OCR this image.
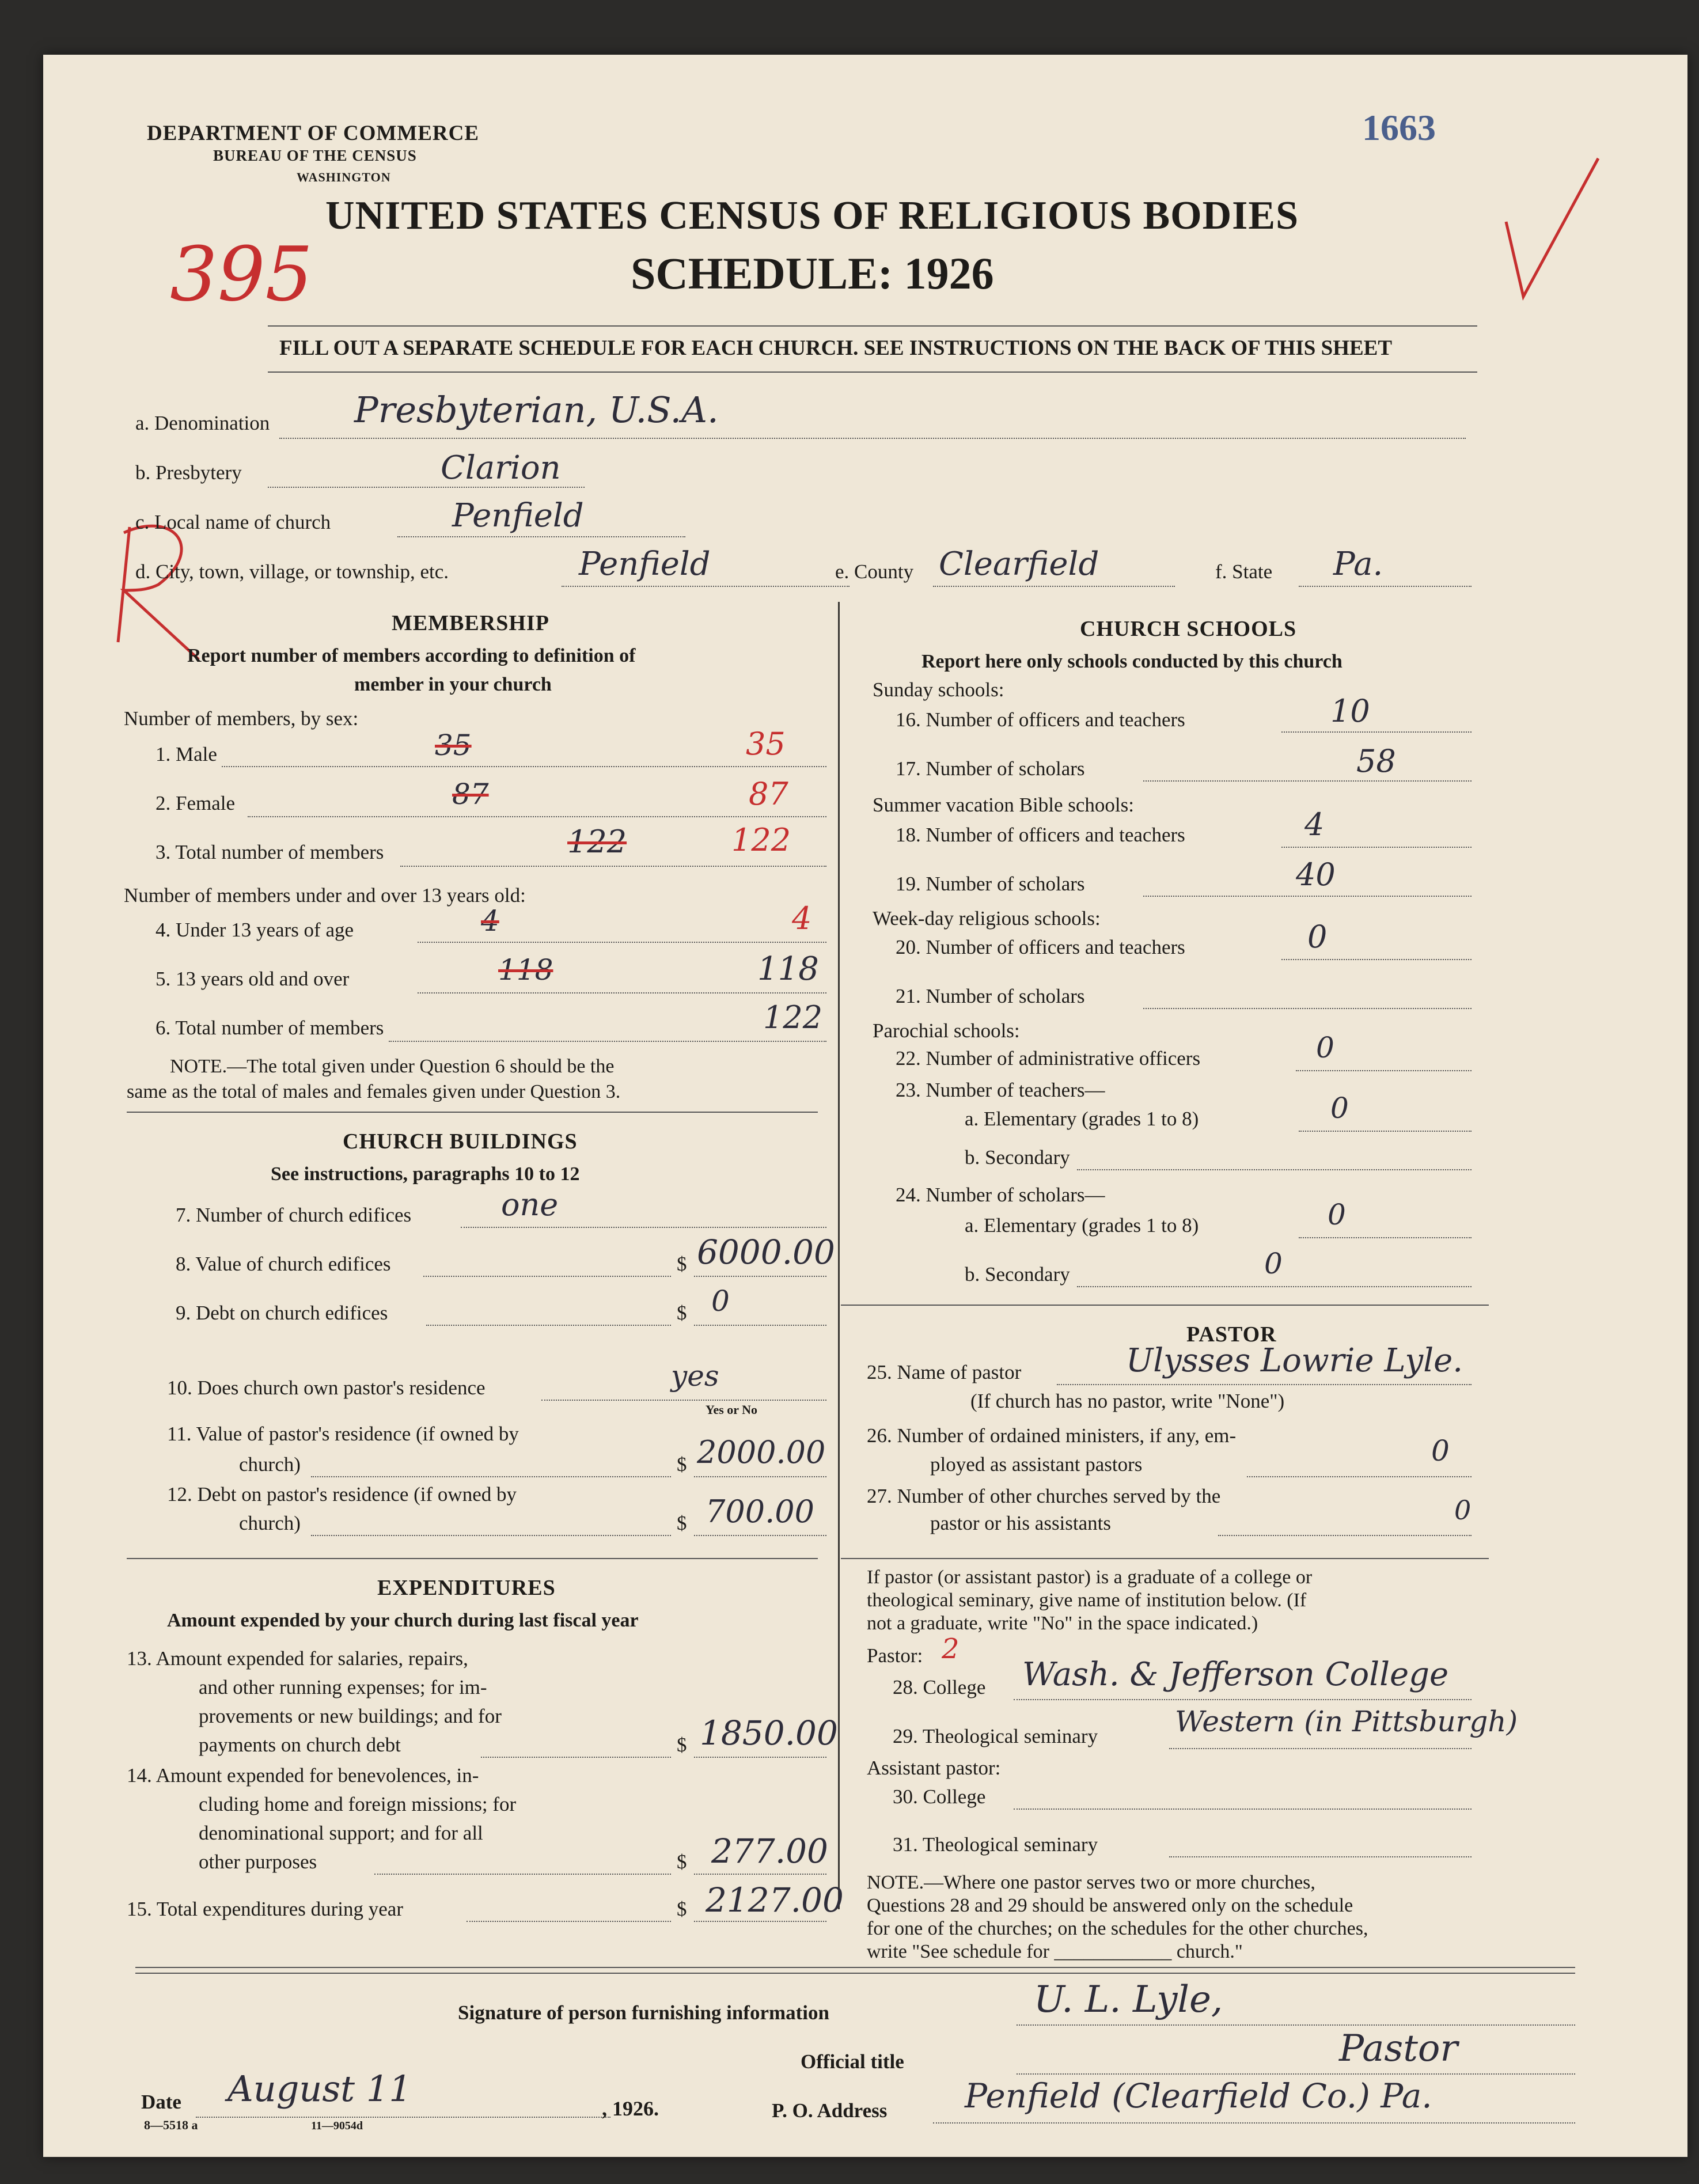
DEPARTMENT OF COMMERCE
BUREAU OF THE CENSUS
WASHINGTON
1663
UNITED STATES CENSUS OF RELIGIOUS BODIES
SCHEDULE: 1926
395
FILL OUT A SEPARATE SCHEDULE FOR EACH CHURCH. SEE INSTRUCTIONS ON THE BACK OF THIS SHEET
a. Denomination Presbyterian, U.S.A.
b. Presbytery	Clarion
c. Local name of church	Penfield
d. City, town, village, or township, etc.	Penfield	e. County Clearfield	f. State Pa.
MEMBERSHIP
Report number of members according to definition of
member in your church
Number of members, by sex:
1. Male	35	35
2. Female	87	87
3. Total number of members	122	122
Number of members under and over 13 years old:
4. Under 13 years of age	4	4
5. 13 years old and over	118	118
6. Total number of members	122
NOTE.—The total given under Question 6 should be the
same as the total of males and females given under Question 3.
CHURCH BUILDINGS
See instructions, paragraphs 10 to 12
7. Number of church edifices	one
8. Value of church edifices	$ 6000.00
9. Debt on church edifices	$ 0
10. Does church own pastor's residence	yes
Yes or No
11. Value of pastor's residence (if owned by
church)	$ 2000.00
12. Debt on pastor's residence (if owned by
church)	$ 700.00
EXPENDITURES
Amount expended by your church during last fiscal year
13. Amount expended for salaries, repairs,
and other running expenses; for im-
provements or new buildings; and for
payments on church debt	$ 1850.00
14. Amount expended for benevolences, in-
cluding home and foreign missions; for
denominational support; and for all
other purposes	$ 277.00
15. Total expenditures during year	$ 2127.00
CHURCH SCHOOLS
Report here only schools conducted by this church
Sunday schools:
16. Number of officers and teachers	10
17. Number of scholars	58
Summer vacation Bible schools:
18. Number of officers and teachers	4
19. Number of scholars	40
Week-day religious schools:
20. Number of officers and teachers	0
21. Number of scholars
Parochial schools:
22. Number of administrative officers	0
23. Number of teachers—
a. Elementary (grades 1 to 8)	0
b. Secondary
24. Number of scholars—
a. Elementary (grades 1 to 8)	0
b. Secondary	0
PASTOR
25. Name of pastor	Ulysses Lowrie Lyle.
(If church has no pastor, write "None")
26. Number of ordained ministers, if any, em-
ployed as assistant pastors	0
27. Number of other churches served by the
pastor or his assistants	0
If pastor (or assistant pastor) is a graduate of a college or
theological seminary, give name of institution below. (If
not a graduate, write "No" in the space indicated.)
Pastor: 2
28. College Wash. & Jefferson College
29. Theological seminary	Western (in Pittsburgh)
Assistant pastor:
30. College
31. Theological seminary
NOTE.—Where one pastor serves two or more churches,
Questions 28 and 29 should be answered only on the schedule
for one of the churches; on the schedules for the other churches,
write "See schedule for ____________ church."
Signature of person furnishing information	U. L. Lyle,
Official title	Pastor
Date August 11	, 1926.	P. O. Address Penfield (Clearfield Co.) Pa.
8—5518 a	11—9054d
